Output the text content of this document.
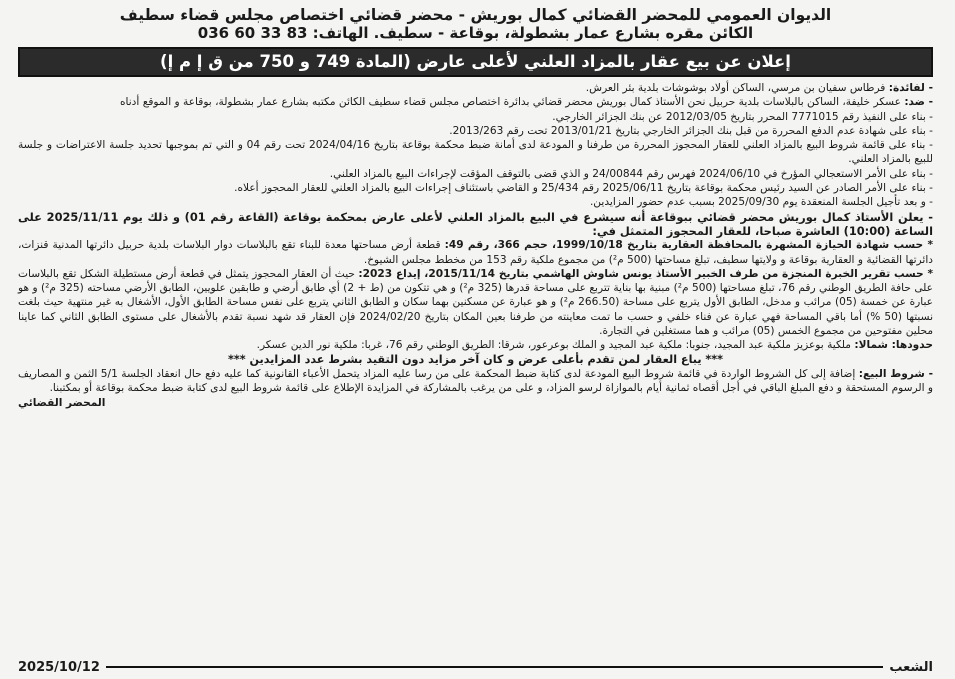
الديوان العمومي للمحضر القضائي كمال بوريش - محضر قضائي اختصاص مجلس قضاء سطيف

الكائن مقره بشارع عمار بشطولة، بوقاعة - سطيف. الهاتف: 83 33 60 036

إعلان عن بيع عقار بالمزاد العلني لأعلى عارض (المادة 749 و 750 من ق إ م إ)

- لفائدة: فرطاس سفيان بن مرسي، الساكن أولاد بوشوشات بلدية بئر العرش.

- ضد: عسكر خليفة، الساكن بالبلاسات بلدية حربيل نحن الأستاذ كمال بوريش محضر قضائي بدائرة اختصاص مجلس قضاء سطيف الكائن مكتبه بشارع عمار بشطولة، بوقاعة و الموقع أدناه

- بناء على النفيذ رقم 7771015 المحرر بتاريخ 2012/03/05 عن بنك الجزائر الخارجي.

- بناء على شهادة عدم الدفع المحررة من قبل بنك الجزائر الخارجي بتاريخ 2013/01/21 تحت رقم 2013/263.

- بناء على قائمة شروط البيع بالمزاد العلني للعقار المحجوز المحررة من طرفنا و المودعة لدى أمانة ضبط محكمة بوقاعة بتاريخ 2024/04/16 تحت رقم 04 و التي تم بموجبها تحديد جلسة الاعتراضات و جلسة للبيع بالمزاد العلني.

- بناء على الأمر الاستعجالي المؤرخ في 2024/06/10 فهرس رقم 24/00844 و الذي قضى بالتوقف المؤقت لإجراءات البيع بالمزاد العلني.

- بناء على الأمر الصادر عن السيد رئيس محكمة بوقاعة بتاريخ 2025/06/11 رقم 25/434 و القاضي باستئناف إجراءات البيع بالمزاد العلني للعقار المحجوز أعلاه.

- و بعد تأجيل الجلسة المنعقدة يوم 2025/09/30 بسبب عدم حضور المزايدين.

- يعلن الأستاذ كمال بوريش محضر قضائي ببوقاعة أنه سيشرع في البيع بالمزاد العلني لأعلى عارض بمحكمة بوقاعة (القاعة رقم 01) و ذلك يوم 2025/11/11 على الساعة (10:00) العاشرة صباحا، للعقار المحجوز المتمثل في:

* حسب شهادة الحيازة المشهرة بالمحافظة العقارية بتاريخ 1999/10/18، حجم 366، رقم 49: قطعة أرض مساحتها معدة للبناء تقع بالبلاسات دوار البلاسات بلدية حربيل دائرتها المدنية قنزات، دائرتها القضائية و العقارية بوقاعة و ولايتها سطيف، تبلغ مساحتها (500 م²) من مجموع ملكية رقم 153 من مخطط مجلس الشيوخ.

* حسب تقرير الخبرة المنجزة من طرف الخبير الأستاذ يونس شاوش الهاشمي بتاريخ 2015/11/14، إيداع 2023: حيث أن العقار المحجوز يتمثل في قطعة أرض مستطيلة الشكل تقع بالبلاسات على حافة الطريق الوطني رقم 76، تبلغ مساحتها (500 م²) مبنية بها بناية تتربع على مساحة قدرها (325 م²) و هي تتكون من (ط + 2) أي طابق أرضي و طابقين علويين، الطابق الأرضي مساحته (325 م²) و هو عبارة عن خمسة (05) مرائب و مدخل، الطابق الأول يتربع على مساحة (266.50 م²) و هو عبارة عن مسكنين بهما سكان و الطابق الثاني يتربع على نفس مساحة الطابق الأول، الأشغال به غير منتهية حيث بلغت نسبتها (50 %) أما باقي المساحة فهي عبارة عن فناء خلفي و حسب ما تمت معاينته من طرفنا بعين المكان بتاريخ 2024/02/20 فإن العقار قد شهد نسبة تقدم بالأشغال على مستوى الطابق الثاني كما عاينا محلين مفتوحين من مجموع الخمس (05) مرائب و هما مستغلين في التجارة.

حدودها: شمالا: ملكية بوعزيز ملكية عبد المجيد، جنوبا: ملكية عبد المجيد و الملك بوعرعور، شرقا: الطريق الوطني رقم 76، غربا: ملكية نور الدين عسكر.

*** يباع العقار لمن تقدم بأعلى عرض و كان آخر مزايد دون التقيد بشرط عدد المزايدين ***

- شروط البيع: إضافة إلى كل الشروط الواردة في قائمة شروط البيع المودعة لدى كتابة ضبط المحكمة على من رسا عليه المزاد يتحمل الأعباء القانونية كما عليه دفع حال انعقاد الجلسة 5/1 الثمن و المصاريف و الرسوم المستحقة و دفع المبلغ الباقي في أجل أقصاه ثمانية أيام بالموازاة لرسو المزاد، و على من يرغب بالمشاركة في المزايدة الإطلاع على قائمة شروط البيع لدى كتابة ضبط محكمة بوقاعة أو بمكتبنا.

المحضر القضائي

الشعب
2025/10/12
